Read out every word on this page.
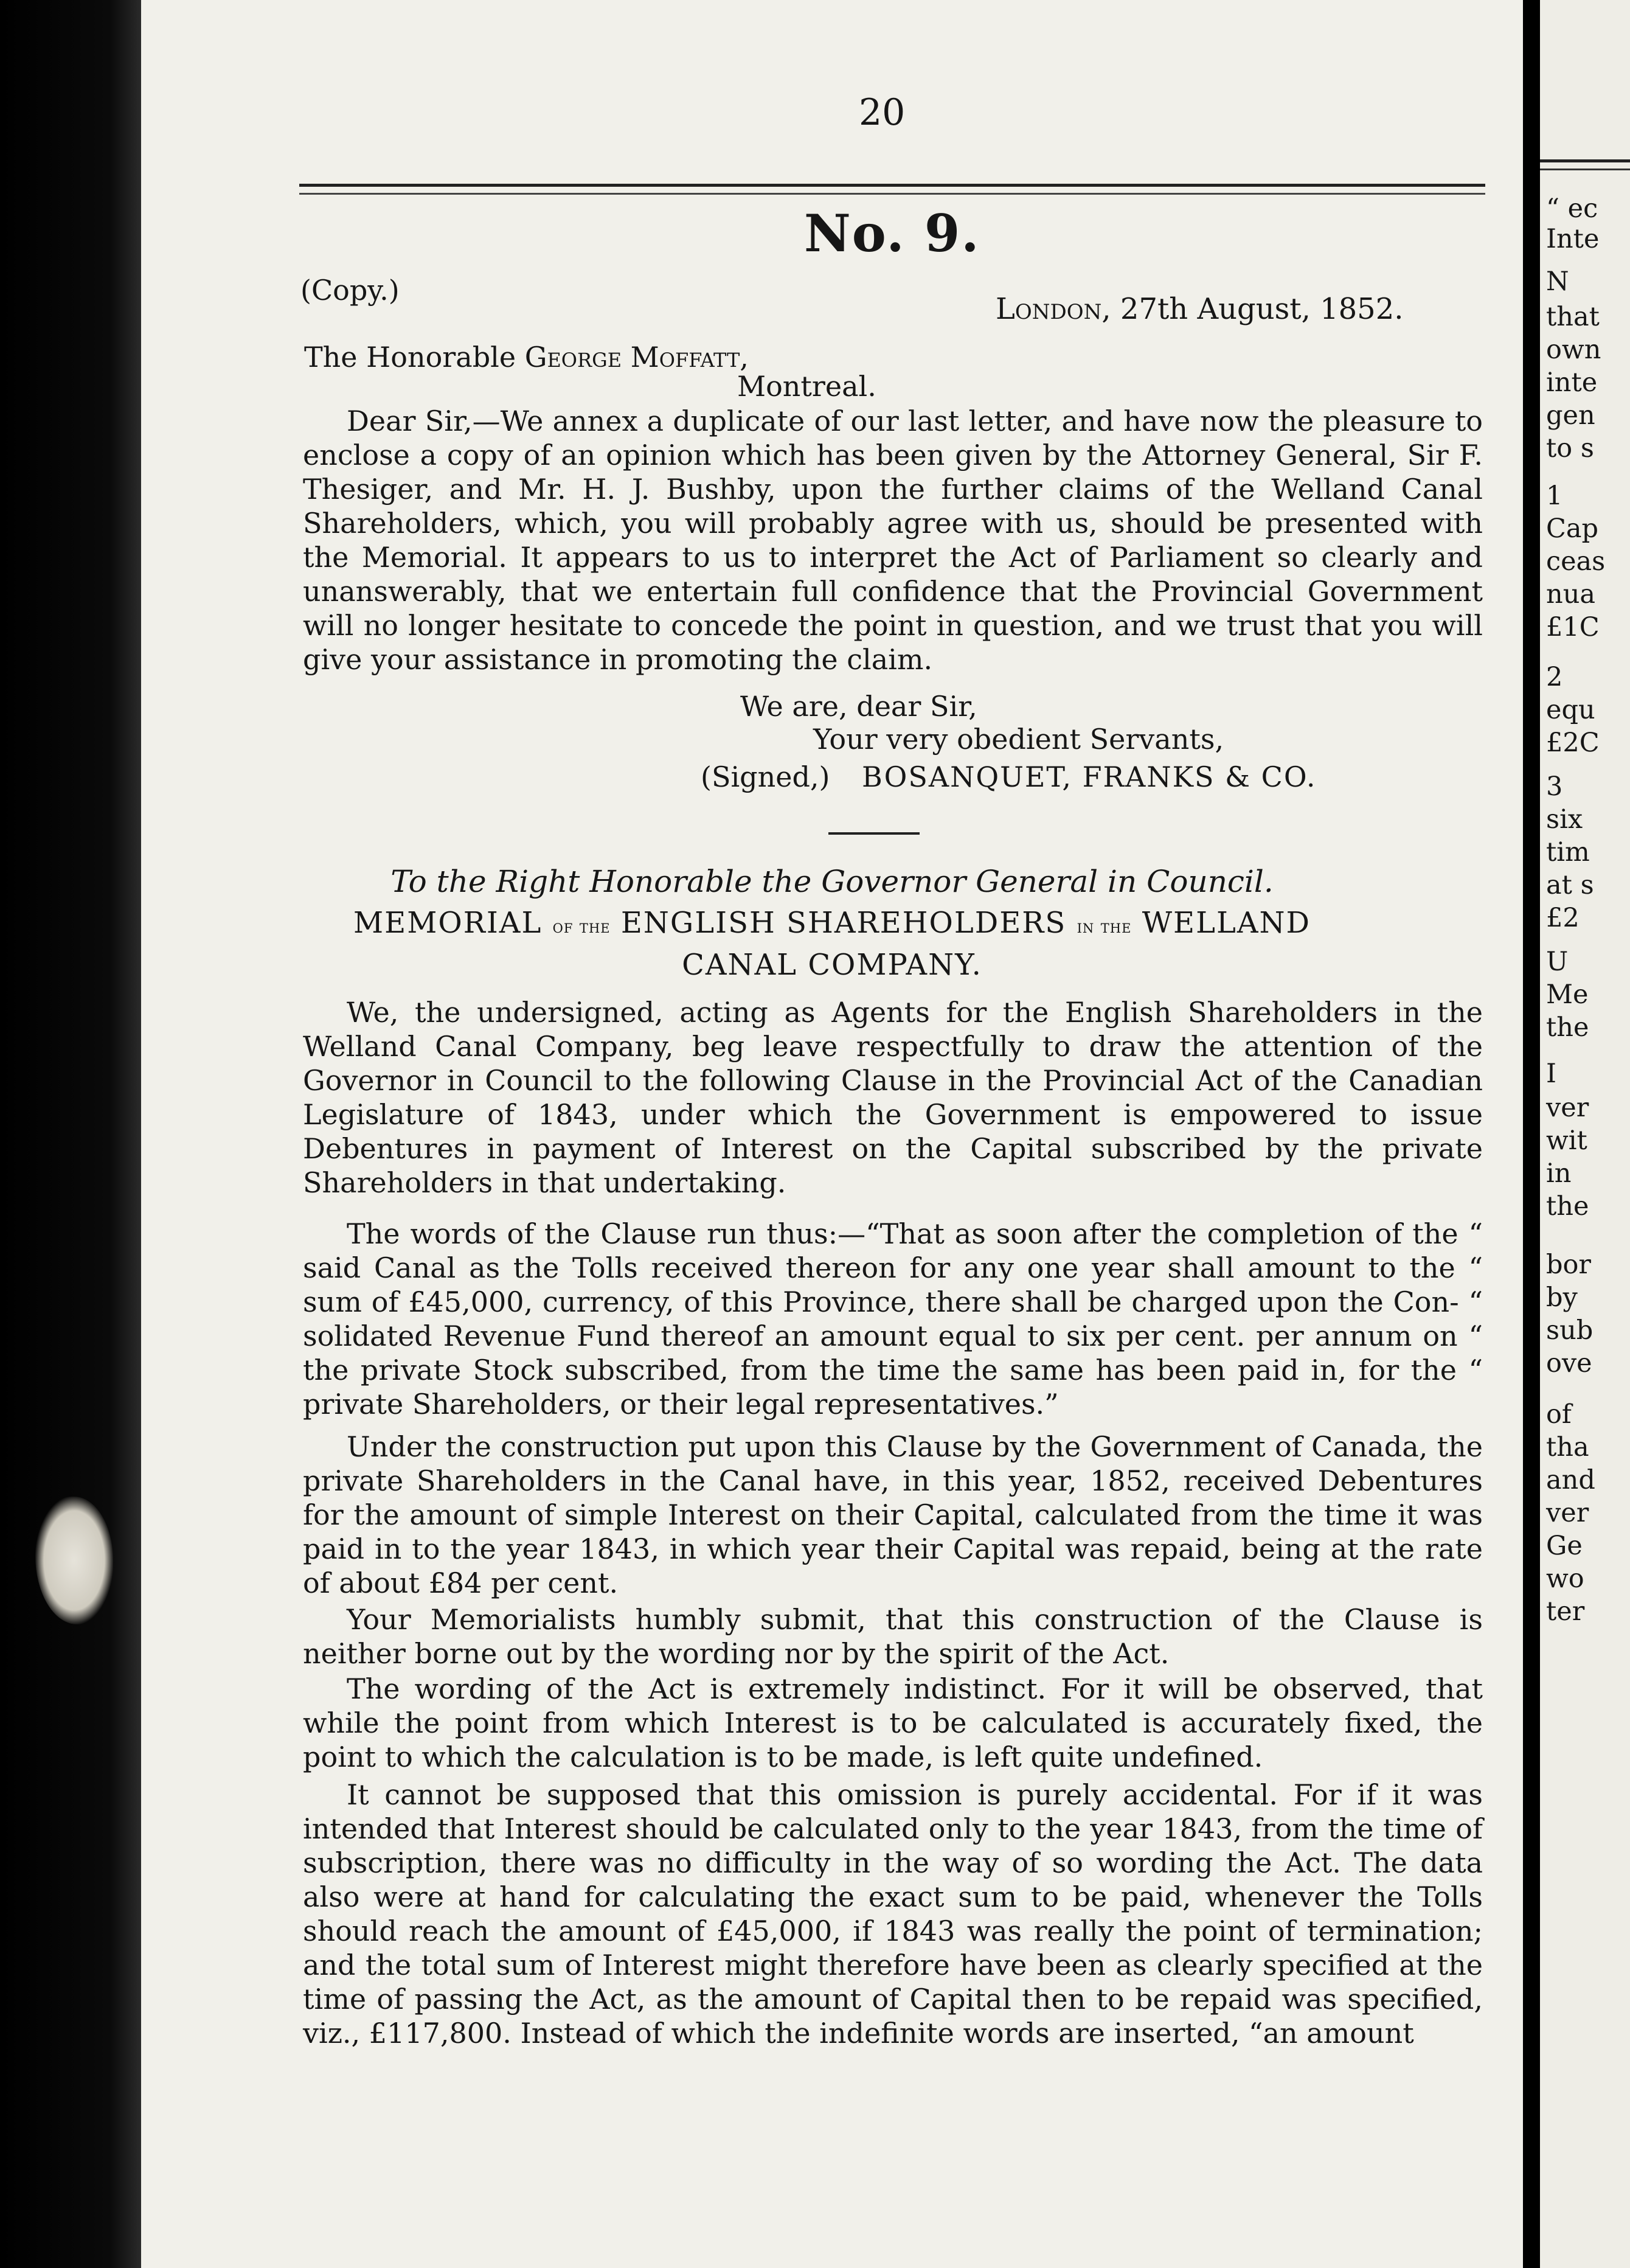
20
No. 9.
(Copy.)
London, 27th August, 1852.
The Honorable George Moffatt,
Montreal.

Dear Sir,—We annex a duplicate of our last letter, and have now the pleasure to enclose a copy of an opinion which has been given by the Attorney General, Sir F. Thesiger, and Mr. H. J. Bushby, upon the further claims of the Welland Canal Shareholders, which, you will probably agree with us, should be presented with the Memorial. It appears to us to interpret the Act of Parliament so clearly and unanswerably, that we entertain full confidence that the Provincial Government will no longer hesitate to concede the point in question, and we trust that you will give your assistance in promoting the claim.

We are, dear Sir,
Your very obedient Servants,
(Signed,) BOSANQUET, FRANKS & CO.
To the Right Honorable the Governor General in Council.
MEMORIAL of the ENGLISH SHAREHOLDERS in the WELLAND
CANAL COMPANY.

We, the undersigned, acting as Agents for the English Shareholders in the Welland Canal Company, beg leave respectfully to draw the attention of the Governor in Council to the following Clause in the Provincial Act of the Canadian Legislature of 1843, under which the Government is empowered to issue Debentures in payment of Interest on the Capital subscribed by the private Shareholders in that undertaking.

The words of the Clause run thus:—“That as soon after the completion of the “ said Canal as the Tolls received thereon for any one year shall amount to the “ sum of £45,000, currency, of this Province, there shall be charged upon the Con- “ solidated Revenue Fund thereof an amount equal to six per cent. per annum on “ the private Stock subscribed, from the time the same has been paid in, for the “ private Shareholders, or their legal representatives.”

Under the construction put upon this Clause by the Government of Canada, the private Shareholders in the Canal have, in this year, 1852, received Debentures for the amount of simple Interest on their Capital, calculated from the time it was paid in to the year 1843, in which year their Capital was repaid, being at the rate of about £84 per cent.

Your Memorialists humbly submit, that this construction of the Clause is neither borne out by the wording nor by the spirit of the Act.

The wording of the Act is extremely indistinct. For it will be observed, that while the point from which Interest is to be calculated is accurately fixed, the point to which the calculation is to be made, is left quite undefined.

It cannot be supposed that this omission is purely accidental. For if it was intended that Interest should be calculated only to the year 1843, from the time of subscription, there was no difficulty in the way of so wording the Act. The data also were at hand for calculating the exact sum to be paid, whenever the Tolls should reach the amount of £45,000, if 1843 was really the point of termination; and the total sum of Interest might therefore have been as clearly specified at the time of passing the Act, as the amount of Capital then to be repaid was specified, viz., £117,800. Instead of which the indefinite words are inserted, “an amount

“ ec
Inte
N
that
own
inte
gen
to s
1
Cap
ceas
nua
£1C
2
equ
£2C
3
six
tim
at s
£2
U
Me
the
I
ver
wit
in
the
bor
by
sub
ove
of
tha
and
ver
Ge
wo
ter
